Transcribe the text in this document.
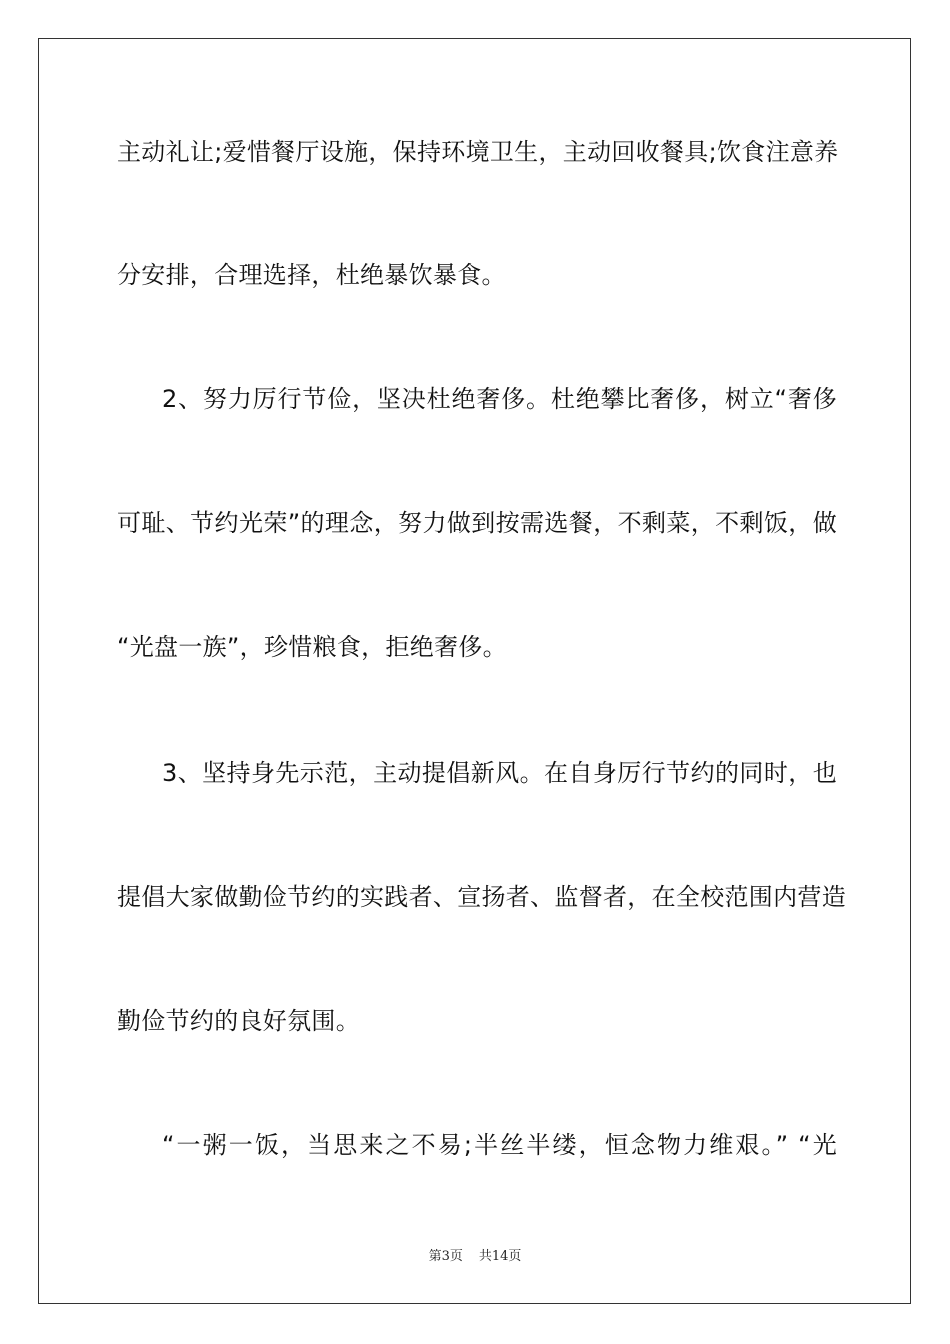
主动礼让;爱惜餐厅设施，保持环境卫生，主动回收餐具;饮食注意养
分安排，合理选择，杜绝暴饮暴食。
2、努力厉行节俭，坚决杜绝奢侈。杜绝攀比奢侈，树立“奢侈
可耻、节约光荣”的理念，努力做到按需选餐，不剩菜，不剩饭，做
“光盘一族”，珍惜粮食，拒绝奢侈。
3、坚持身先示范，主动提倡新风。在自身厉行节约的同时，也
提倡大家做勤俭节约的实践者、宣扬者、监督者，在全校范围内营造
勤俭节约的良好氛围。
“一粥一饭，当思来之不易;半丝半缕，恒念物力维艰。” “光
第3页 共14页
